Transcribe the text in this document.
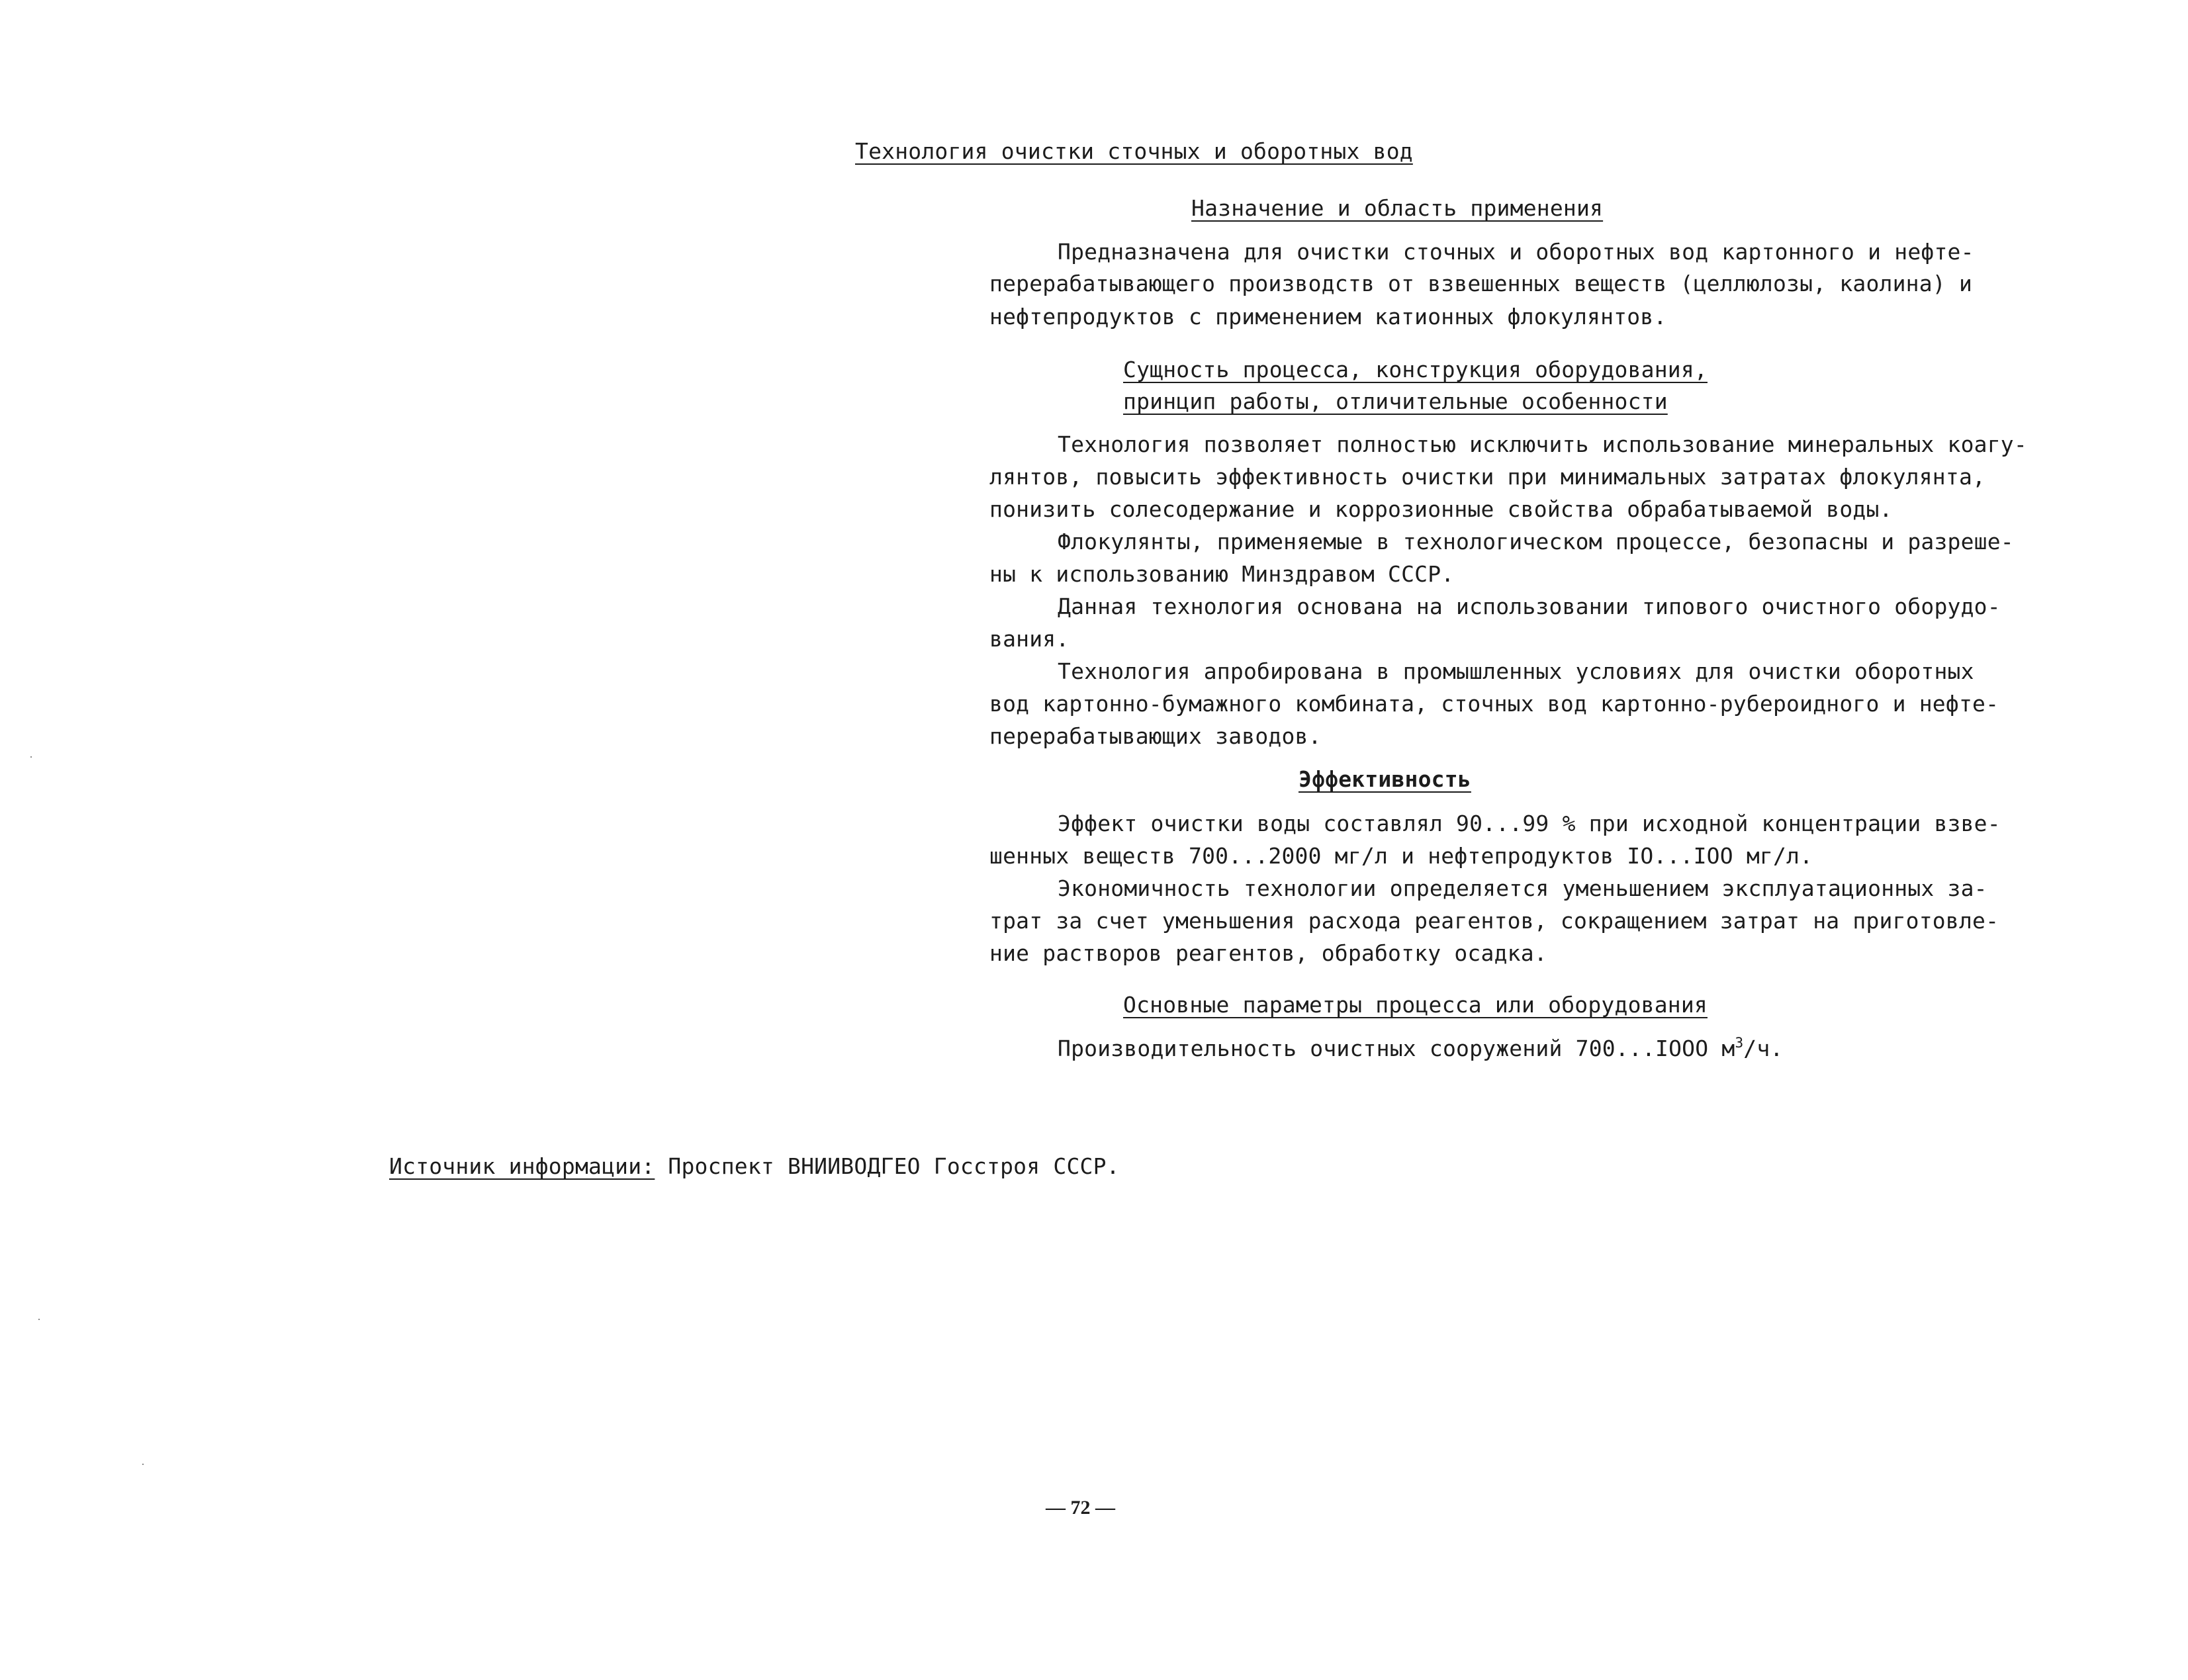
Технология очистки сточных и оборотных вод
Назначение и область применения
Предназначена для очистки сточных и оборотных вод картонного и нефте-
перерабатывающего производств от взвешенных веществ (целлюлозы, каолина) и
нефтепродуктов с применением катионных флокулянтов.
Сущность процесса, конструкция оборудования,
принцип работы, отличительные особенности
Технология позволяет полностью исключить использование минеральных коагу-
лянтов, повысить эффективность очистки при минимальных затратах флокулянта,
понизить солесодержание и коррозионные свойства обрабатываемой воды.
Флокулянты, применяемые в технологическом процессе, безопасны и разреше-
ны к использованию Минздравом СССР.
Данная технология основана на использовании типового очистного оборудо-
вания.
Технология апробирована в промышленных условиях для очистки оборотных
вод картонно-бумажного комбината, сточных вод картонно-рубероидного и нефте-
перерабатывающих заводов.
Эффективность
Эффект очистки воды составлял 90...99 % при исходной концентрации взве-
шенных веществ 700...2000 мг/л и нефтепродуктов IO...IOO мг/л.
Экономичность технологии определяется уменьшением эксплуатационных за-
трат за счет уменьшения расхода реагентов, сокращением затрат на приготовле-
ние растворов реагентов, обработку осадка.
Основные параметры процесса или оборудования
Производительность очистных сооружений 700...IOOO $м^3/ч$.
Источник информации: Проспект ВНИИВОДГЕО Госстроя СССР.
— 72 —
